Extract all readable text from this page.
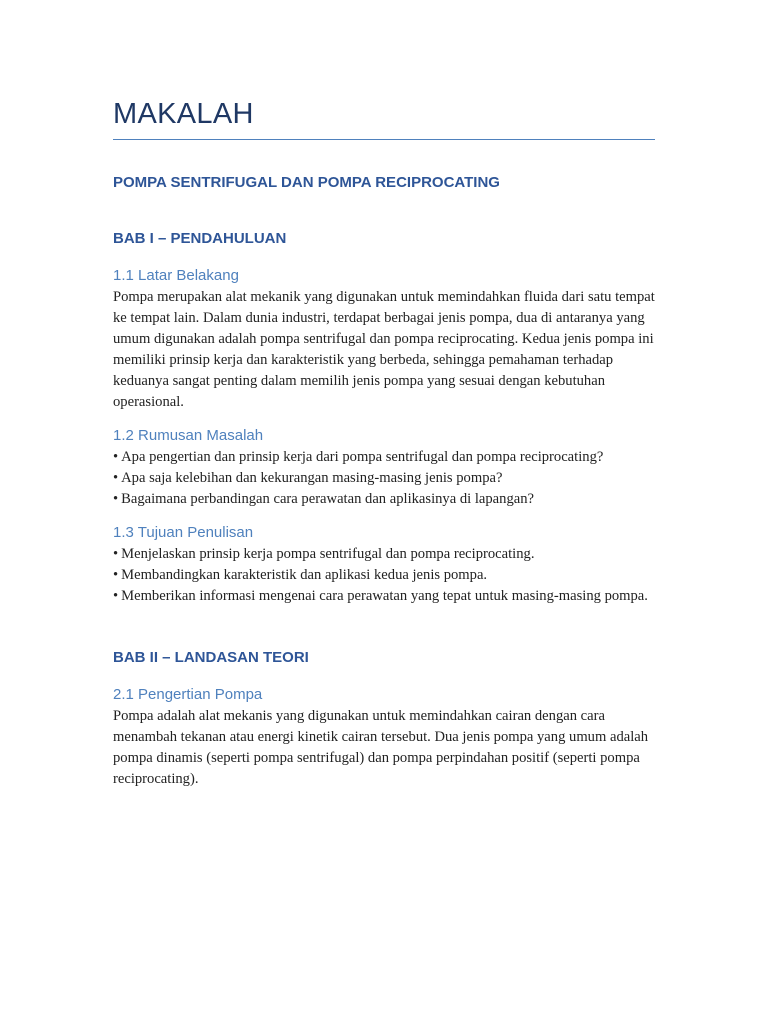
MAKALAH
POMPA SENTRIFUGAL DAN POMPA RECIPROCATING
BAB I – PENDAHULUAN
1.1 Latar Belakang

Pompa merupakan alat mekanik yang digunakan untuk memindahkan fluida dari satu tempat ke tempat lain. Dalam dunia industri, terdapat berbagai jenis pompa, dua di antaranya yang umum digunakan adalah pompa sentrifugal dan pompa reciprocating. Kedua jenis pompa ini memiliki prinsip kerja dan karakteristik yang berbeda, sehingga pemahaman terhadap keduanya sangat penting dalam memilih jenis pompa yang sesuai dengan kebutuhan operasional.

1.2 Rumusan Masalah
• Apa pengertian dan prinsip kerja dari pompa sentrifugal dan pompa reciprocating?
• Apa saja kelebihan dan kekurangan masing-masing jenis pompa?
• Bagaimana perbandingan cara perawatan dan aplikasinya di lapangan?
1.3 Tujuan Penulisan
• Menjelaskan prinsip kerja pompa sentrifugal dan pompa reciprocating.
• Membandingkan karakteristik dan aplikasi kedua jenis pompa.
• Memberikan informasi mengenai cara perawatan yang tepat untuk masing-masing pompa.
BAB II – LANDASAN TEORI
2.1 Pengertian Pompa

Pompa adalah alat mekanis yang digunakan untuk memindahkan cairan dengan cara menambah tekanan atau energi kinetik cairan tersebut. Dua jenis pompa yang umum adalah pompa dinamis (seperti pompa sentrifugal) dan pompa perpindahan positif (seperti pompa reciprocating).
